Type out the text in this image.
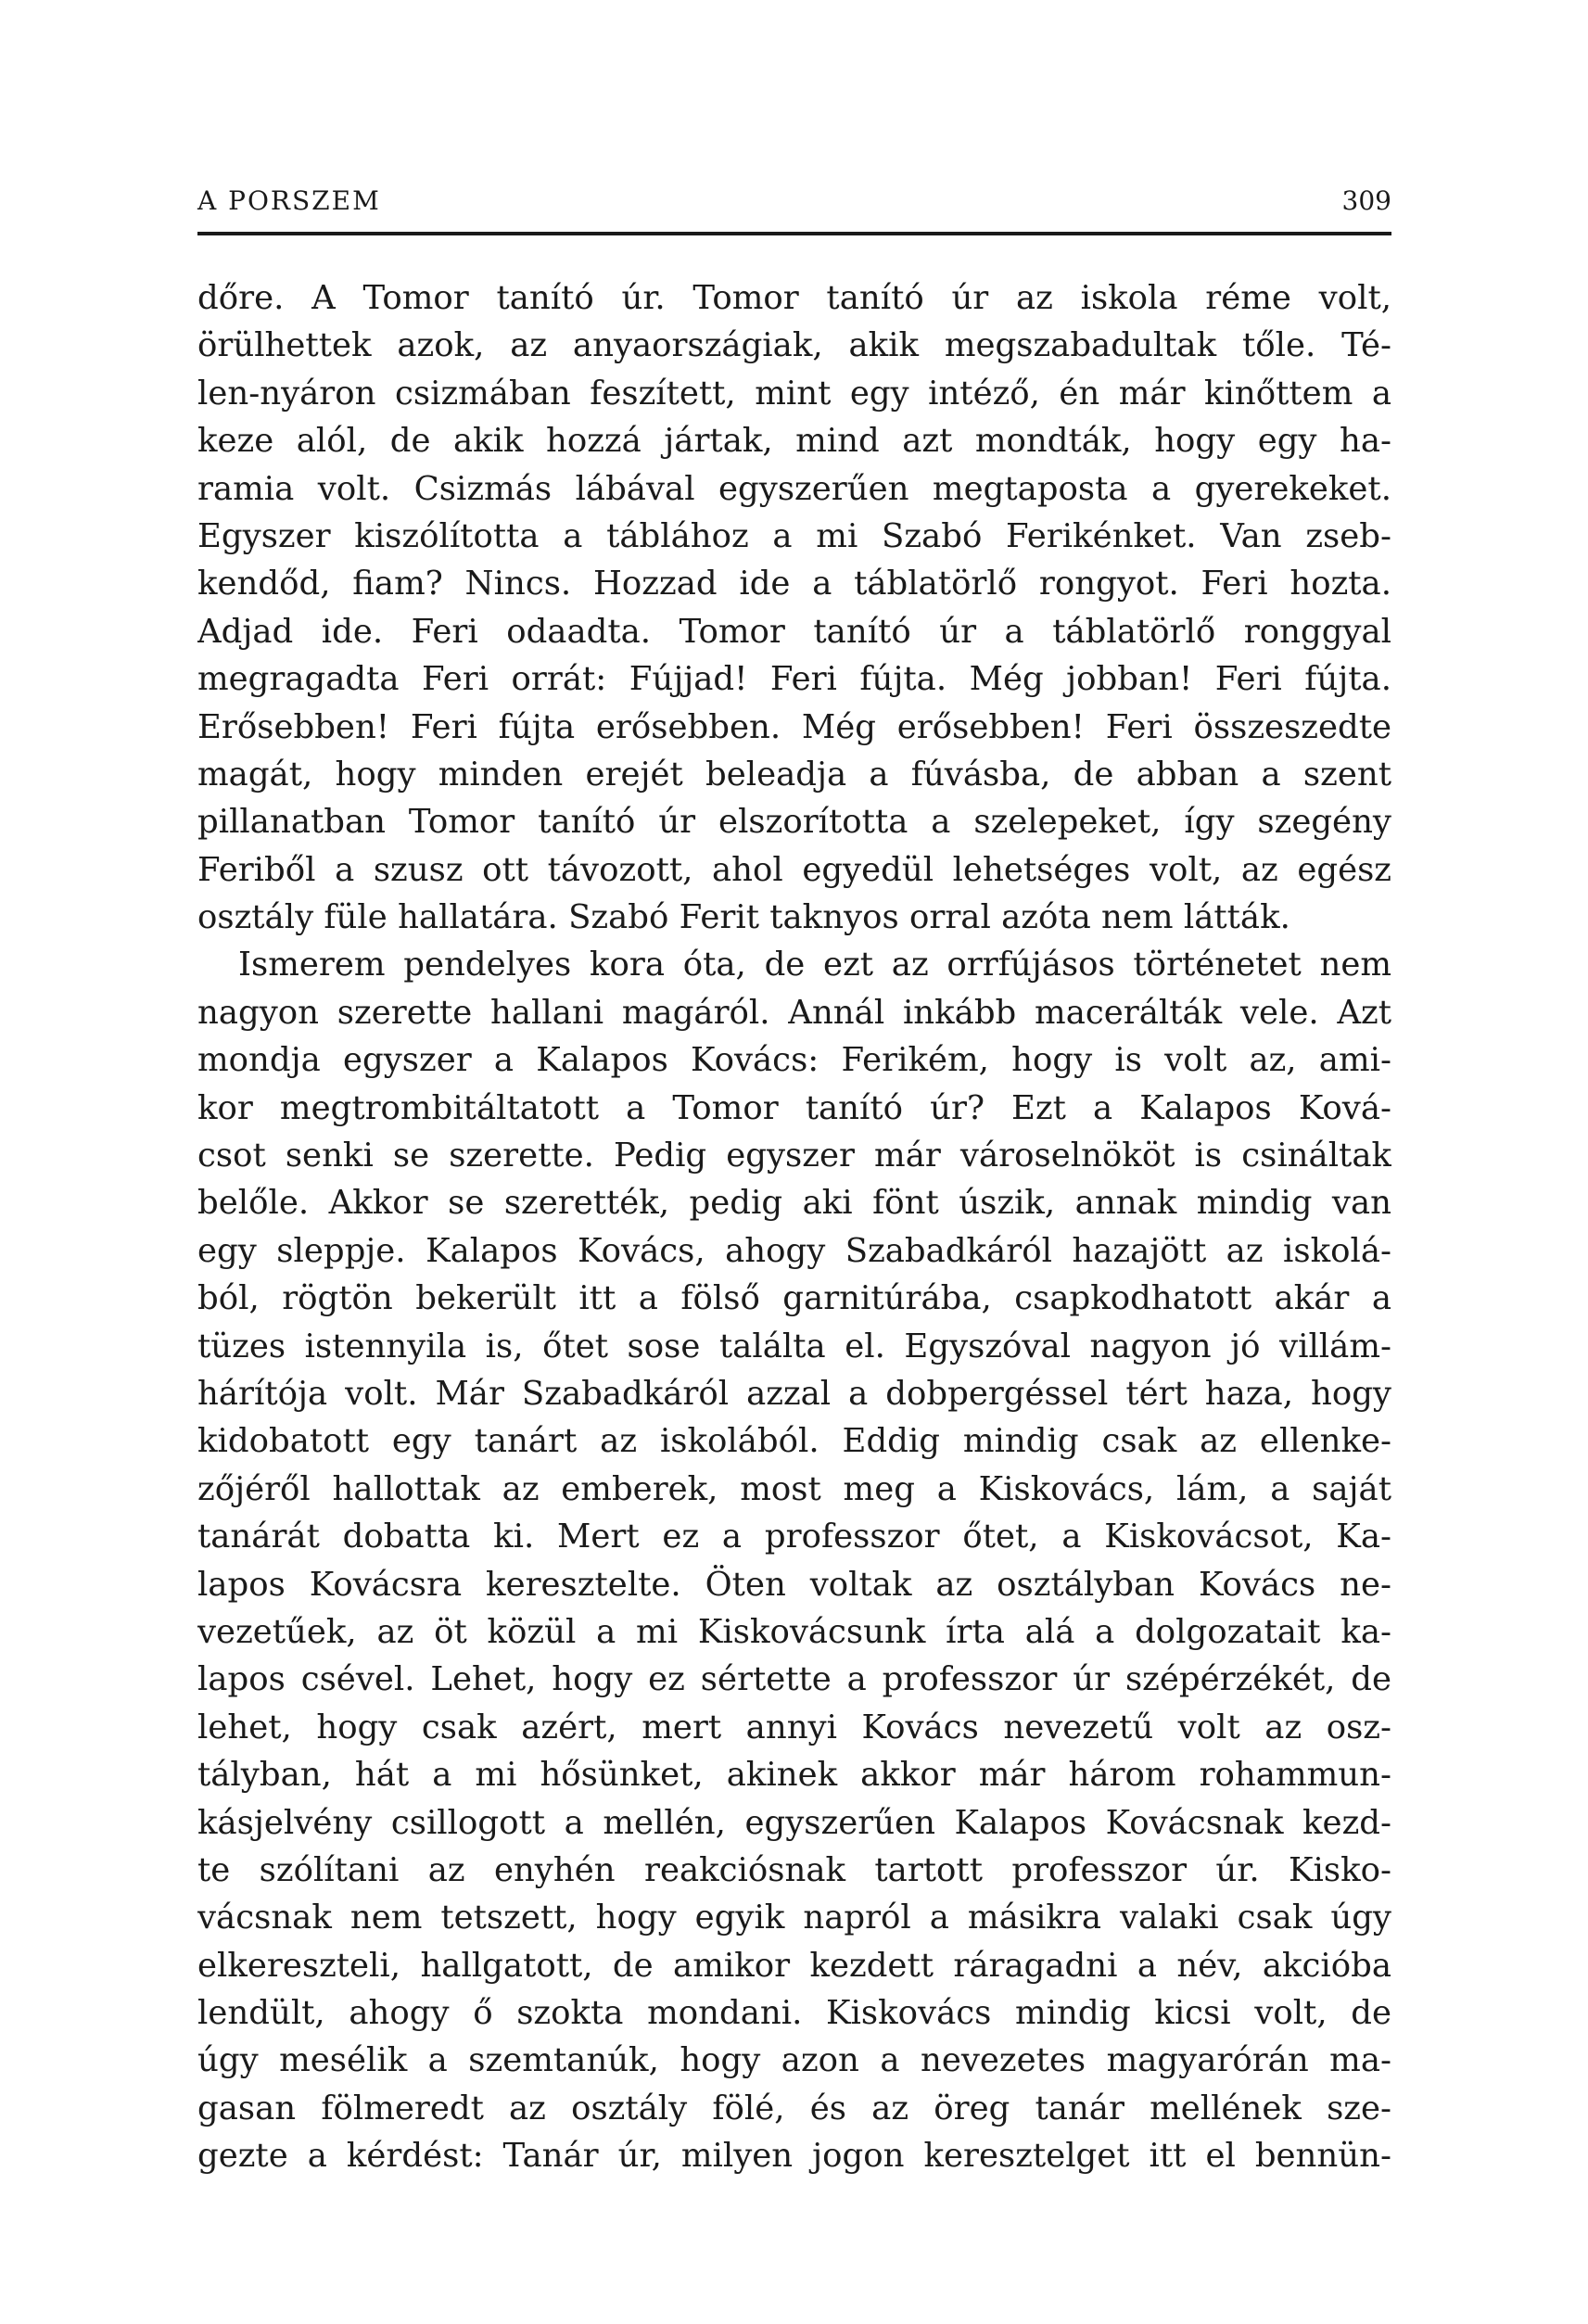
A PORSZEM	309
dőre. A Tomor tanító úr. Tomor tanító úr az iskola réme volt,
örülhettek azok, az anyaországiak, akik megszabadultak tőle. Té-
len-nyáron csizmában feszített, mint egy intéző, én már kinőttem a
keze alól, de akik hozzá jártak, mind azt mondták, hogy egy ha-
ramia volt. Csizmás lábával egyszerűen megtaposta a gyerekeket.
Egyszer kiszólította a táblához a mi Szabó Ferikénket. Van zseb-
kendőd, fiam? Nincs. Hozzad ide a táblatörlő rongyot. Feri hozta.
Adjad ide. Feri odaadta. Tomor tanító úr a táblatörlő ronggyal
megragadta Feri orrát: Fújjad! Feri fújta. Még jobban! Feri fújta.
Erősebben! Feri fújta erősebben. Még erősebben! Feri összeszedte
magát, hogy minden erejét beleadja a fúvásba, de abban a szent
pillanatban Tomor tanító úr elszorította a szelepeket, így szegény
Feriből a szusz ott távozott, ahol egyedül lehetséges volt, az egész
osztály füle hallatára. Szabó Ferit taknyos orral azóta nem látták.
Ismerem pendelyes kora óta, de ezt az orrfújásos történetet nem
nagyon szerette hallani magáról. Annál inkább macerálták vele. Azt
mondja egyszer a Kalapos Kovács: Ferikém, hogy is volt az, ami-
kor megtrombitáltatott a Tomor tanító úr? Ezt a Kalapos Ková-
csot senki se szerette. Pedig egyszer már városelnököt is csináltak
belőle. Akkor se szerették, pedig aki fönt úszik, annak mindig van
egy sleppje. Kalapos Kovács, ahogy Szabadkáról hazajött az iskolá-
ból, rögtön bekerült itt a fölső garnitúrába, csapkodhatott akár a
tüzes istennyila is, őtet sose találta el. Egyszóval nagyon jó villám-
hárítója volt. Már Szabadkáról azzal a dobpergéssel tért haza, hogy
kidobatott egy tanárt az iskolából. Eddig mindig csak az ellenke-
zőjéről hallottak az emberek, most meg a Kiskovács, lám, a saját
tanárát dobatta ki. Mert ez a professzor őtet, a Kiskovácsot, Ka-
lapos Kovácsra keresztelte. Öten voltak az osztályban Kovács ne-
vezetűek, az öt közül a mi Kiskovácsunk írta alá a dolgozatait ka-
lapos csével. Lehet, hogy ez sértette a professzor úr szépérzékét, de
lehet, hogy csak azért, mert annyi Kovács nevezetű volt az osz-
tályban, hát a mi hősünket, akinek akkor már három rohammun-
kásjelvény csillogott a mellén, egyszerűen Kalapos Kovácsnak kezd-
te szólítani az enyhén reakciósnak tartott professzor úr. Kisko-
vácsnak nem tetszett, hogy egyik napról a másikra valaki csak úgy
elkereszteli, hallgatott, de amikor kezdett ráragadni a név, akcióba
lendült, ahogy ő szokta mondani. Kiskovács mindig kicsi volt, de
úgy mesélik a szemtanúk, hogy azon a nevezetes magyarórán ma-
gasan fölmeredt az osztály fölé, és az öreg tanár mellének sze-
gezte a kérdést: Tanár úr, milyen jogon keresztelget itt el bennün-
